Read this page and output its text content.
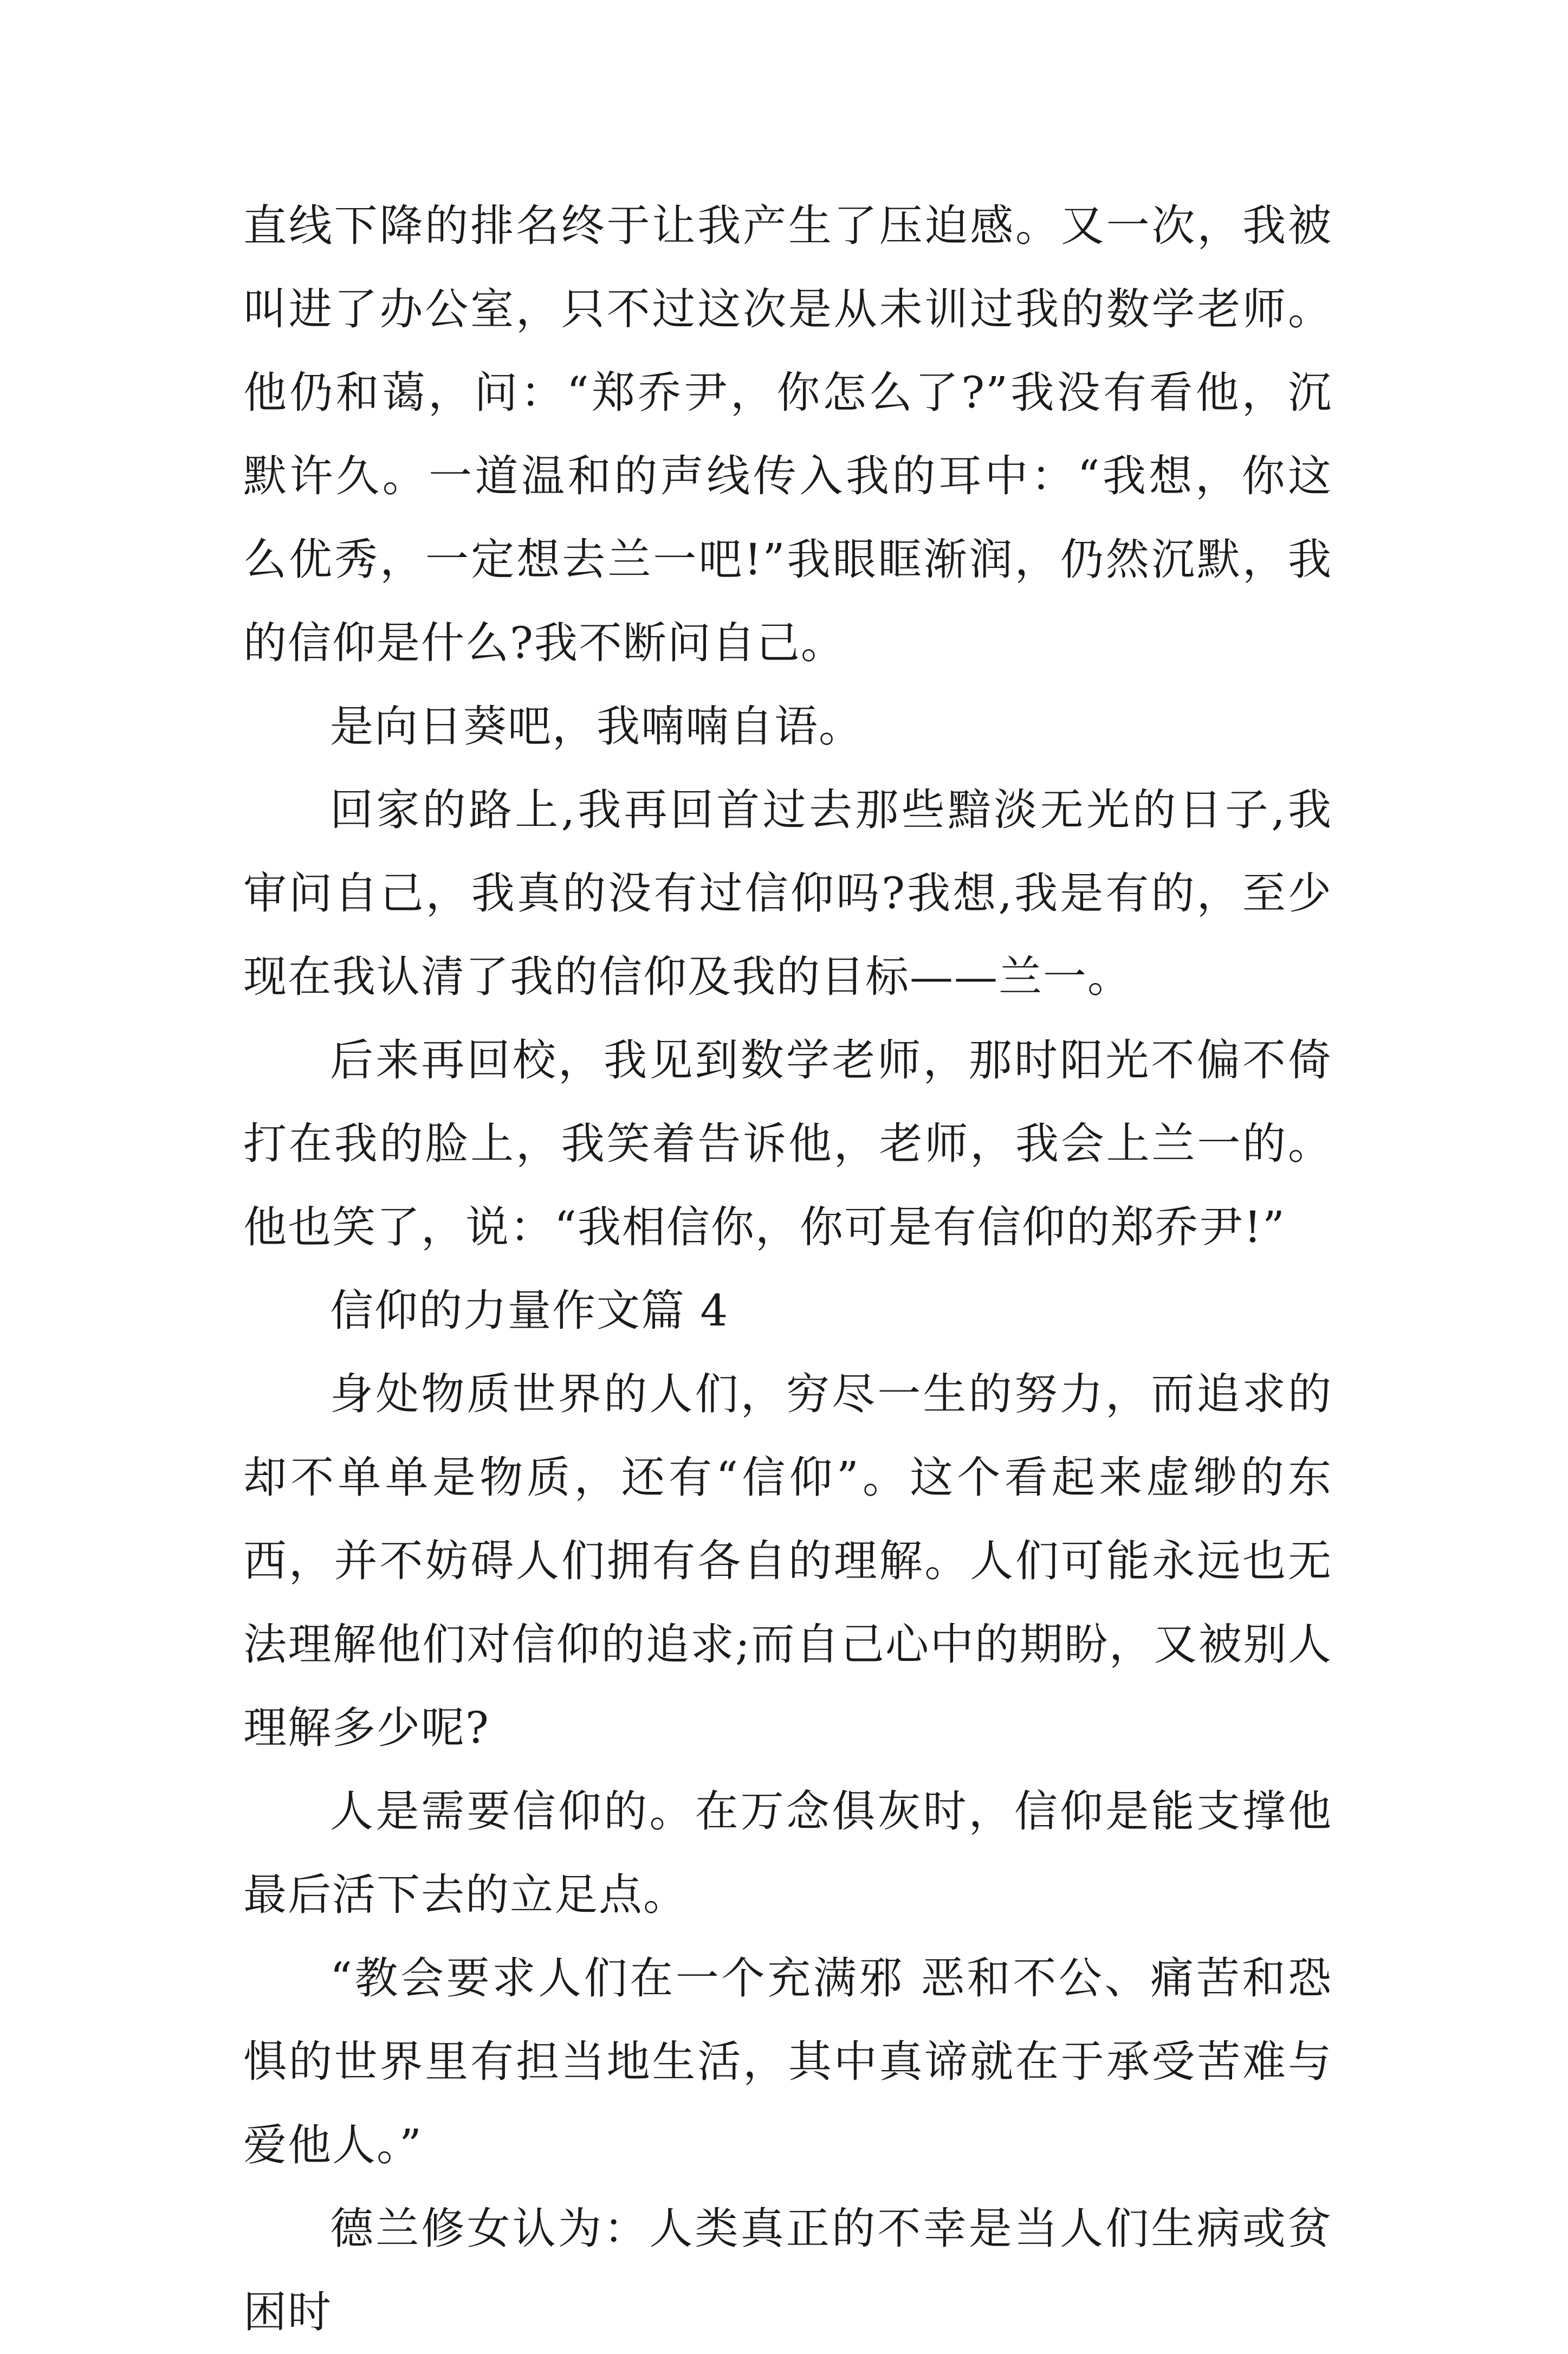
直线下降的排名终于让我产生了压迫感。又一次，我被叫进了办公室，只不过这次是从未训过我的数学老师。他仍和蔼，问：“郑乔尹，你怎么了?”我没有看他，沉默许久。一道温和的声线传入我的耳中：“我想，你这么优秀，一定想去兰一吧!”我眼眶渐润，仍然沉默，我的信仰是什么?我不断问自己。

是向日葵吧，我喃喃自语。

回家的路上,我再回首过去那些黯淡无光的日子,我审问自己，我真的没有过信仰吗?我想,我是有的，至少现在我认清了我的信仰及我的目标——兰一。

后来再回校，我见到数学老师，那时阳光不偏不倚打在我的脸上，我笑着告诉他，老师，我会上兰一的。他也笑了，说：“我相信你，你可是有信仰的郑乔尹!”

信仰的力量作文篇 4

身处物质世界的人们，穷尽一生的努力，而追求的却不单单是物质，还有“信仰”。这个看起来虚缈的东西，并不妨碍人们拥有各自的理解。人们可能永远也无法理解他们对信仰的追求;而自己心中的期盼，又被别人理解多少呢?

人是需要信仰的。在万念俱灰时，信仰是能支撑他最后活下去的立足点。

“教会要求人们在一个充满邪 恶和不公、痛苦和恐惧的世界里有担当地生活，其中真谛就在于承受苦难与爱他人。”

德兰修女认为：人类真正的不幸是当人们生病或贫困时
